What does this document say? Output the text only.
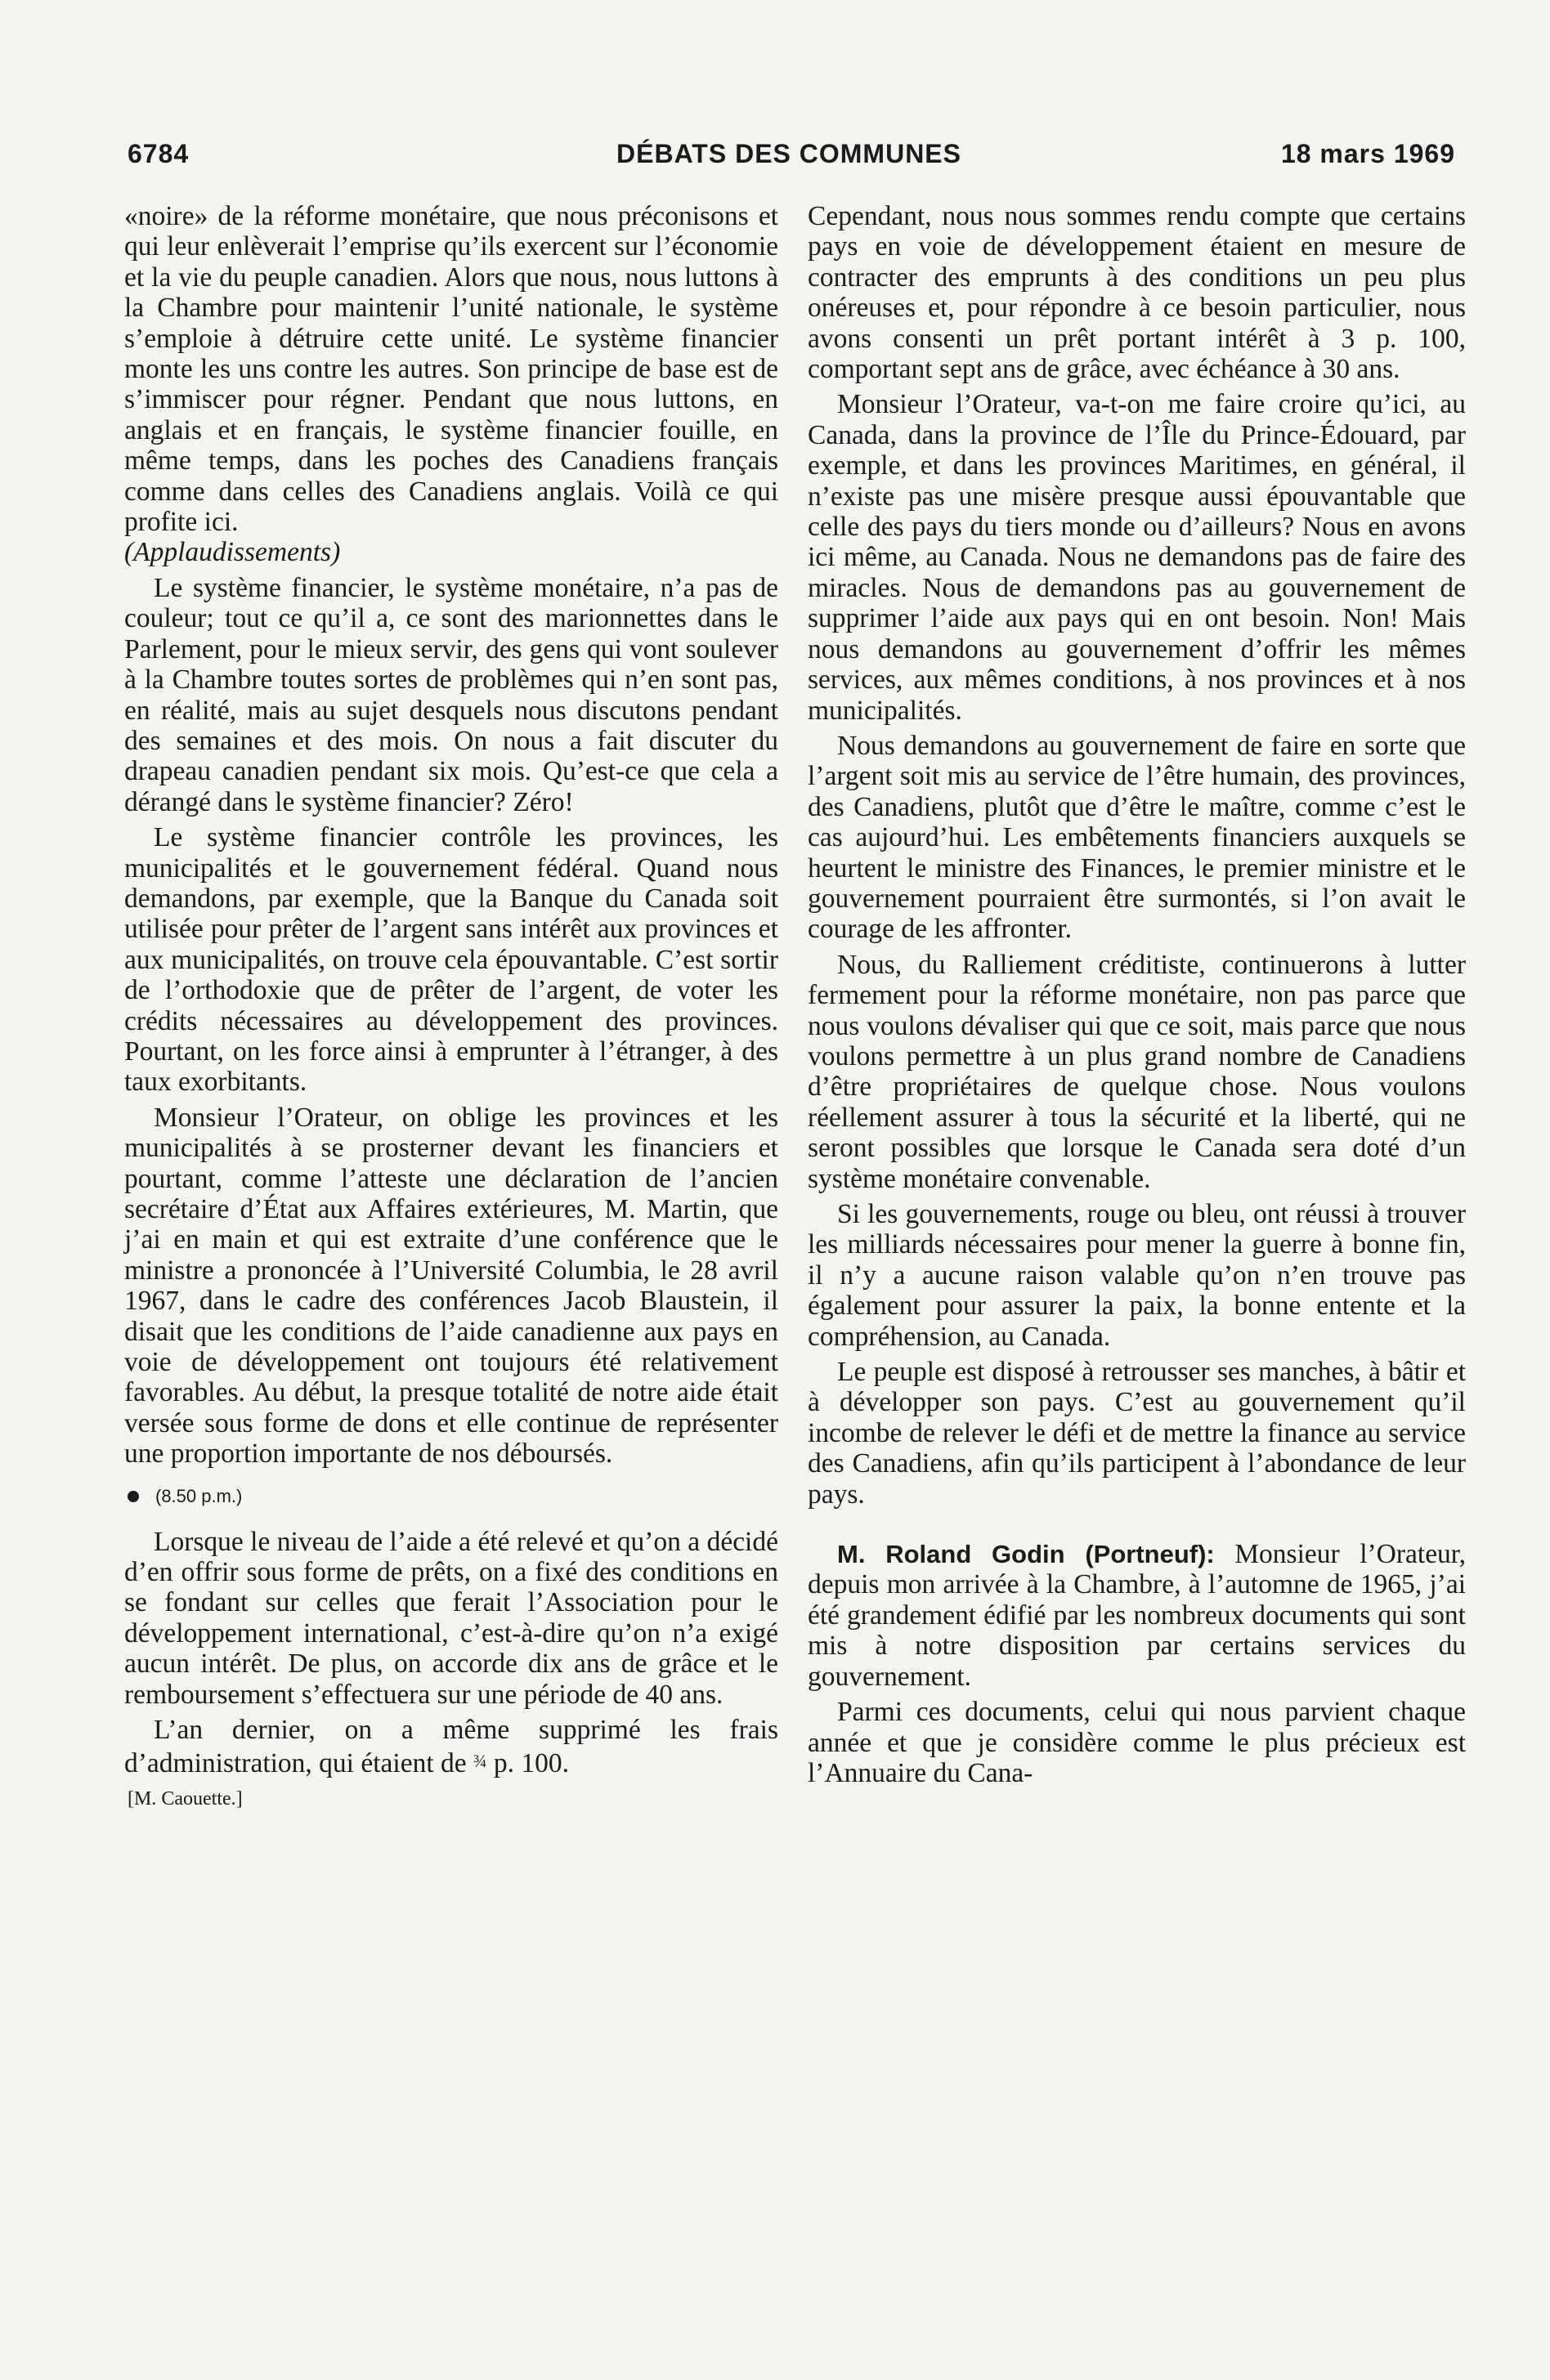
6784	DÉBATS DES COMMUNES	18 mars 1969

«noire» de la réforme monétaire, que nous préconisons et qui leur enlèverait l’emprise qu’ils exercent sur l’économie et la vie du peuple canadien. Alors que nous, nous luttons à la Chambre pour maintenir l’unité nationale, le système s’emploie à détruire cette unité. Le système financier monte les uns contre les autres. Son principe de base est de s’immiscer pour régner. Pendant que nous luttons, en anglais et en français, le système financier fouille, en même temps, dans les poches des Canadiens français comme dans celles des Canadiens anglais. Voilà ce qui profite ici.
(Applaudissements)

Le système financier, le système monétaire, n’a pas de couleur; tout ce qu’il a, ce sont des marionnettes dans le Parlement, pour le mieux servir, des gens qui vont soulever à la Chambre toutes sortes de problèmes qui n’en sont pas, en réalité, mais au sujet desquels nous discutons pendant des semaines et des mois. On nous a fait discuter du drapeau canadien pendant six mois. Qu’est-ce que cela a dérangé dans le système financier? Zéro!

Le système financier contrôle les provinces, les municipalités et le gouvernement fédéral. Quand nous demandons, par exemple, que la Banque du Canada soit utilisée pour prêter de l’argent sans intérêt aux provinces et aux municipalités, on trouve cela épouvantable. C’est sortir de l’orthodoxie que de prêter de l’argent, de voter les crédits nécessaires au développement des provinces. Pourtant, on les force ainsi à emprunter à l’étranger, à des taux exorbitants.

Monsieur l’Orateur, on oblige les provinces et les municipalités à se prosterner devant les financiers et pourtant, comme l’atteste une déclaration de l’ancien secrétaire d’État aux Affaires extérieures, M. Martin, que j’ai en main et qui est extraite d’une conférence que le ministre a prononcée à l’Université Columbia, le 28 avril 1967, dans le cadre des conférences Jacob Blaustein, il disait que les conditions de l’aide canadienne aux pays en voie de développement ont toujours été relativement favorables. Au début, la presque totalité de notre aide était versée sous forme de dons et elle continue de représenter une proportion importante de nos déboursés.

(8.50 p.m.)

Lorsque le niveau de l’aide a été relevé et qu’on a décidé d’en offrir sous forme de prêts, on a fixé des conditions en se fondant sur celles que ferait l’Association pour le développement international, c’est-à-dire qu’on n’a exigé aucun intérêt. De plus, on accorde dix ans de grâce et le remboursement s’effectuera sur une période de 40 ans.

L’an dernier, on a même supprimé les frais d’administration, qui étaient de ¾ p. 100.

[M. Caouette.]

Cependant, nous nous sommes rendu compte que certains pays en voie de développement étaient en mesure de contracter des emprunts à des conditions un peu plus onéreuses et, pour répondre à ce besoin particulier, nous avons consenti un prêt portant intérêt à 3 p. 100, comportant sept ans de grâce, avec échéance à 30 ans.

Monsieur l’Orateur, va-t-on me faire croire qu’ici, au Canada, dans la province de l’Île du Prince-Édouard, par exemple, et dans les provinces Maritimes, en général, il n’existe pas une misère presque aussi épouvantable que celle des pays du tiers monde ou d’ailleurs? Nous en avons ici même, au Canada. Nous ne demandons pas de faire des miracles. Nous de demandons pas au gouvernement de supprimer l’aide aux pays qui en ont besoin. Non! Mais nous demandons au gouvernement d’offrir les mêmes services, aux mêmes conditions, à nos provinces et à nos municipalités.

Nous demandons au gouvernement de faire en sorte que l’argent soit mis au service de l’être humain, des provinces, des Canadiens, plutôt que d’être le maître, comme c’est le cas aujourd’hui. Les embêtements financiers auxquels se heurtent le ministre des Finances, le premier ministre et le gouvernement pourraient être surmontés, si l’on avait le courage de les affronter.

Nous, du Ralliement créditiste, continuerons à lutter fermement pour la réforme monétaire, non pas parce que nous voulons dévaliser qui que ce soit, mais parce que nous voulons permettre à un plus grand nombre de Canadiens d’être propriétaires de quelque chose. Nous voulons réellement assurer à tous la sécurité et la liberté, qui ne seront possibles que lorsque le Canada sera doté d’un système monétaire convenable.

Si les gouvernements, rouge ou bleu, ont réussi à trouver les milliards nécessaires pour mener la guerre à bonne fin, il n’y a aucune raison valable qu’on n’en trouve pas également pour assurer la paix, la bonne entente et la compréhension, au Canada.

Le peuple est disposé à retrousser ses manches, à bâtir et à développer son pays. C’est au gouvernement qu’il incombe de relever le défi et de mettre la finance au service des Canadiens, afin qu’ils participent à l’abondance de leur pays.

M. Roland Godin (Portneuf): Monsieur l’Orateur, depuis mon arrivée à la Chambre, à l’automne de 1965, j’ai été grandement édifié par les nombreux documents qui sont mis à notre disposition par certains services du gouvernement.

Parmi ces documents, celui qui nous parvient chaque année et que je considère comme le plus précieux est l’Annuaire du Cana-
